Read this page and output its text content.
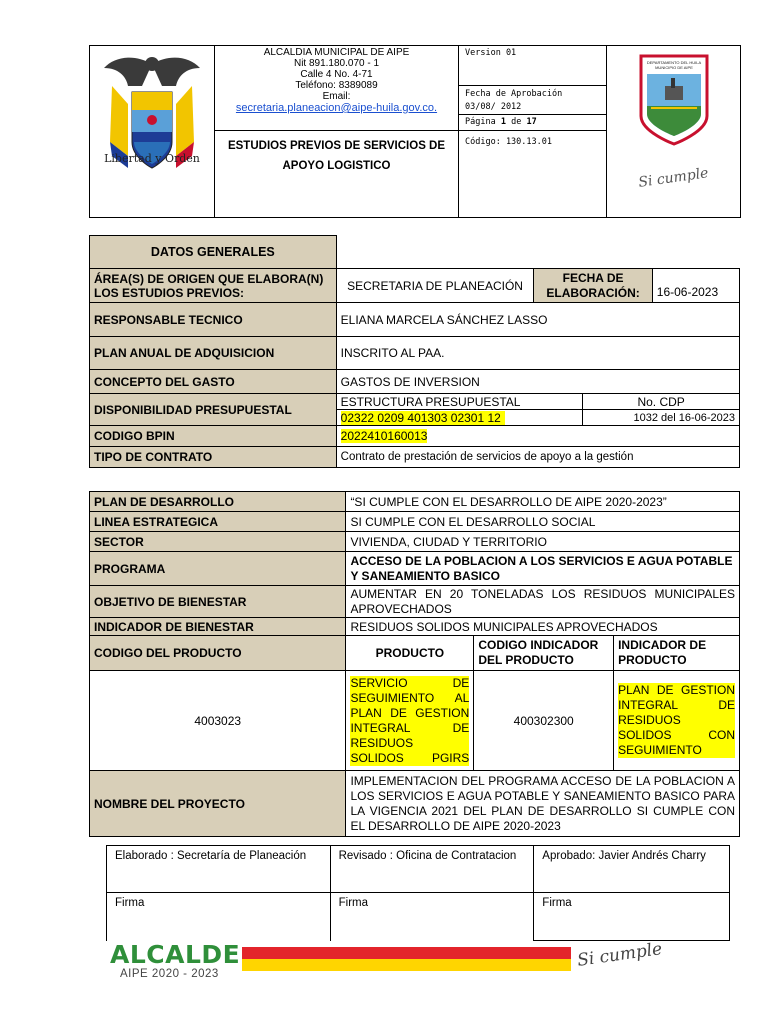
Libertad y Orden
ALCALDIA MUNICIPAL DE AIPE
Nit 891.180.070 - 1
Calle 4 No. 4-71
Teléfono: 8389089
Email:
secretaria.planeacion@aipe-huila.gov.co.
ESTUDIOS PREVIOS DE SERVICIOS DE APOYO LOGISTICO
Version 01
Fecha de Aprobación
03/08/ 2012
Página 1 de 17
Código: 130.13.01
DEPARTAMENTO DEL HUILA
MUNICIPIO DE AIPE
Si cumple
DATOS GENERALES				
ÁREA(S) DE ORIGEN QUE ELABORA(N) LOS ESTUDIOS PREVIOS:	SECRETARIA DE PLANEACIÓN	FECHA DE ELABORACIÓN:		16-06-2023
RESPONSABLE TECNICO	ELIANA MARCELA SÁNCHEZ LASSO			
PLAN ANUAL DE ADQUISICION	INSCRITO AL PAA.			
CONCEPTO DEL GASTO	GASTOS DE INVERSION			
DISPONIBILIDAD PRESUPUESTAL	ESTRUCTURA PRESUPUESTAL		No. CDP	
	02322 0209 401303 02301 12		1032 del 16-06-2023	
CODIGO BPIN	2022410160013			
TIPO DE CONTRATO	Contrato de prestación de servicios de apoyo a la gestión			
PLAN DE DESARROLLO	“SI CUMPLE CON EL DESARROLLO DE AIPE 2020-2023”		
LINEA ESTRATEGICA	SI CUMPLE CON EL DESARROLLO SOCIAL		
SECTOR	VIVIENDA, CIUDAD Y TERRITORIO		
PROGRAMA	ACCESO DE LA POBLACION A LOS SERVICIOS E AGUA POTABLE Y SANEAMIENTO BASICO		
OBJETIVO DE BIENESTAR	AUMENTAR EN 20 TONELADAS LOS RESIDUOS MUNICIPALES APROVECHADOS		
INDICADOR DE BIENESTAR	RESIDUOS SOLIDOS MUNICIPALES APROVECHADOS		
CODIGO DEL PRODUCTO	PRODUCTO	CODIGO INDICADOR DEL PRODUCTO	INDICADOR DE PRODUCTO
4003023	SERVICIO DE SEGUIMIENTO AL PLAN DE GESTION INTEGRAL DE RESIDUOS SOLIDOS PGIRS	400302300	PLAN DE GESTION INTEGRAL DE RESIDUOS SOLIDOS CON SEGUIMIENTO

NOMBRE DEL PROYECTO	IMPLEMENTACION DEL PROGRAMA ACCESO DE LA POBLACION A LOS SERVICIOS E AGUA POTABLE Y SANEAMIENTO BASICO PARA LA VIGENCIA 2021 DEL PLAN DE DESARROLLO SI CUMPLE CON EL DESARROLLO DE AIPE 2020-2023		
Elaborado : Secretaría de Planeación	Revisado : Oficina de Contratacion	Aprobado: Javier Andrés Charry
Firma	Firma	Firma
ALCALDE
AIPE 2020 - 2023
Si cumple
